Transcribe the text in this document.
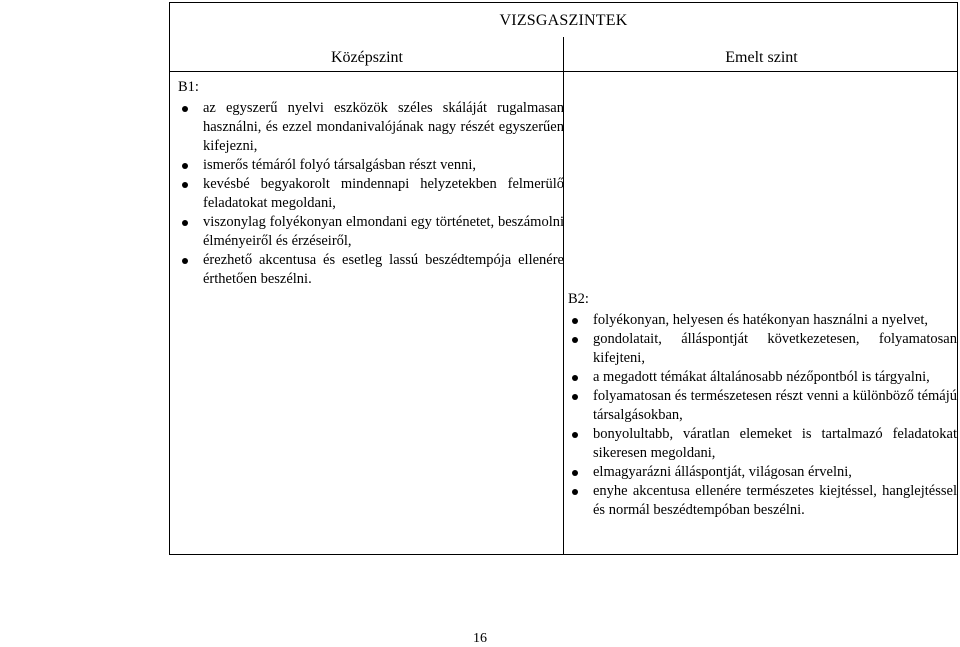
VIZSGASZINTEK
Középszint	Emelt szint
B1:
az egyszerű nyelvi eszközök széles skáláját rugalmasan használni, és ezzel mondanivalójának nagy részét egyszerűen kifejezni,
ismerős témáról folyó társalgásban részt venni,
kevésbé begyakorolt mindennapi helyzetekben felmerülő feladatokat megoldani,
viszonylag folyékonyan elmondani egy történetet, beszámolni élményeiről és érzéseiről,
érezhető akcentusa és esetleg lassú beszédtempója ellenére érthetően beszélni.
B2:
folyékonyan, helyesen és hatékonyan használni a nyelvet,
gondolatait, álláspontját következetesen, folyamatosan kifejteni,
a megadott témákat általánosabb nézőpontból is tárgyalni,
folyamatosan és természetesen részt venni a különböző témájú társalgásokban,
bonyolultabb, váratlan elemeket is tartalmazó feladatokat sikeresen megoldani,
elmagyarázni álláspontját, világosan érvelni,
enyhe akcentusa ellenére természetes kiejtéssel, hanglejtéssel és normál beszédtempóban beszélni.
16
